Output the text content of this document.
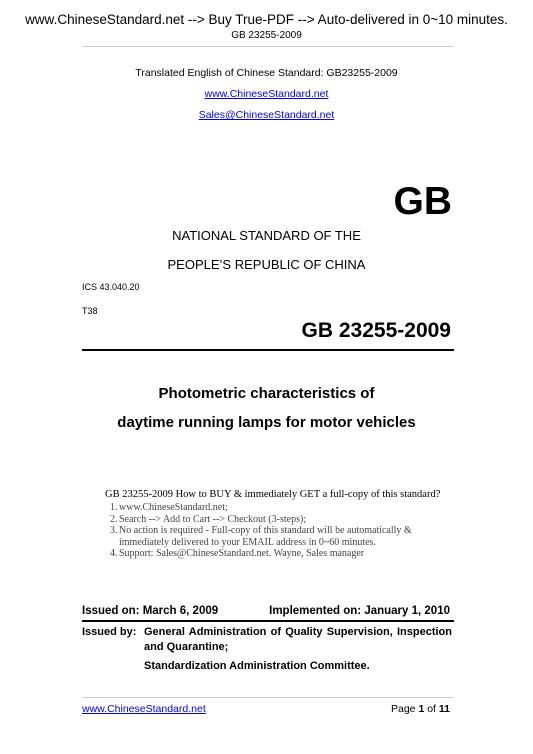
www.ChineseStandard.net --> Buy True-PDF --> Auto-delivered in 0~10 minutes.
GB 23255-2009
Translated English of Chinese Standard: GB23255-2009
www.ChineseStandard.net
Sales@ChineseStandard.net
GB
NATIONAL STANDARD OF THE
PEOPLE’S REPUBLIC OF CHINA
ICS 43.040.20
T38
GB 23255-2009
Photometric characteristics of
daytime running lamps for motor vehicles
GB 23255-2009 How to BUY & immediately GET a full-copy of this standard?
1. www.ChineseStandard.net;
2. Search --> Add to Cart --> Checkout (3-steps);
3. No action is required - Full-copy of this standard will be automatically & immediately delivered to your EMAIL address in 0~60 minutes.
4. Support: Sales@ChineseStandard.net. Wayne, Sales manager
Issued on: March 6, 2009	Implemented on: January 1, 2010
Issued by: General Administration of Quality Supervision, Inspection and Quarantine;
Standardization Administration Committee.
www.ChineseStandard.net	Page 1 of 11
